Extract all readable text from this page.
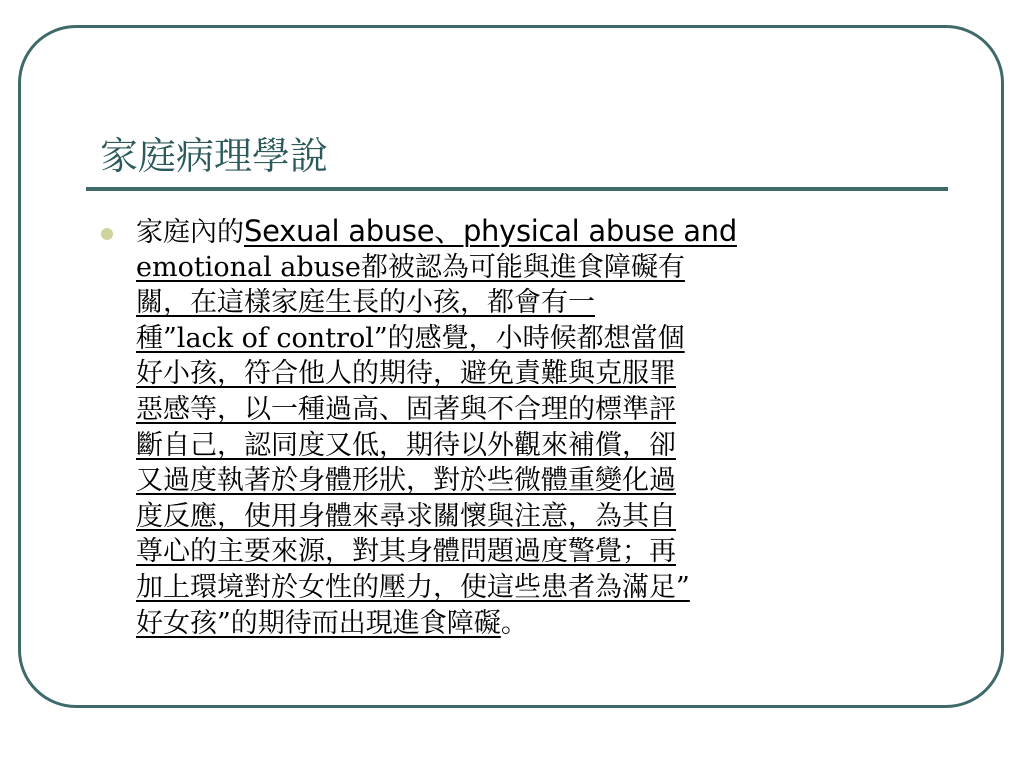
家庭病理學說
家庭內的Sexual abuse、physical abuse and
emotional abuse都被認為可能與進食障礙有
關，在這樣家庭生長的小孩，都會有一
種”lack of control”的感覺，小時候都想當個
好小孩，符合他人的期待，避免責難與克服罪
惡感等，以一種過高、固著與不合理的標準評
斷自己，認同度又低，期待以外觀來補償，卻
又過度執著於身體形狀，對於些微體重變化過
度反應，使用身體來尋求關懷與注意，為其自
尊心的主要來源，對其身體問題過度警覺；再
加上環境對於女性的壓力，使這些患者為滿足”
好女孩”的期待而出現進食障礙。
